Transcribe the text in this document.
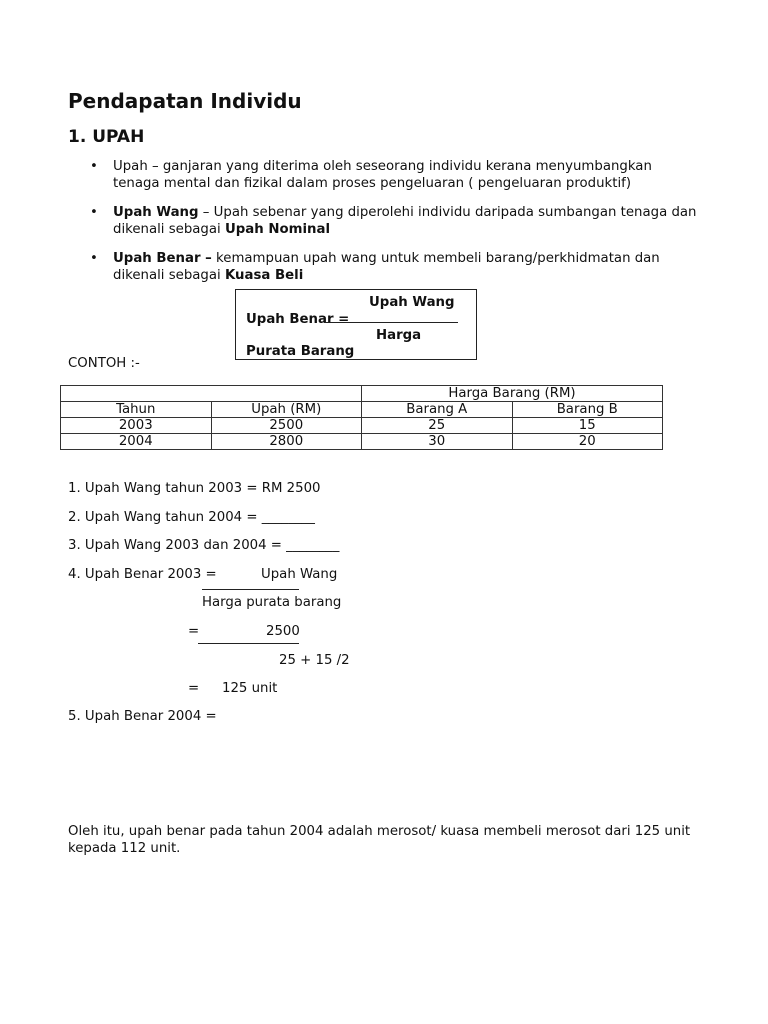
Pendapatan Individu
1. UPAH
• Upah – ganjaran yang diterima oleh seseorang individu kerana menyumbangkan tenaga mental dan fizikal dalam proses pengeluaran ( pengeluaran produktif)
• Upah Wang – Upah sebenar yang diperolehi individu daripada sumbangan tenaga dan dikenali sebagai Upah Nominal
• Upah Benar – kemampuan upah wang untuk membeli barang/perkhidmatan dan dikenali sebagai Kuasa Beli
Upah Wang
Upah Benar =
Harga
Purata Barang
CONTOH :-
		Harga Barang (RM)	
Tahun	Upah (RM)	Barang A	Barang B
2003	2500	25	15
2004	2800	30	20
1. Upah Wang tahun 2003 = RM 2500
2. Upah Wang tahun 2004 = ________
3. Upah Wang 2003 dan 2004 = ________
4. Upah Benar 2003 =	Upah Wang
Harga purata barang
=	2500
25 + 15 /2
= 125 unit
5. Upah Benar 2004 =
Oleh itu, upah benar pada tahun 2004 adalah merosot/ kuasa membeli merosot dari 125 unit kepada 112 unit.
